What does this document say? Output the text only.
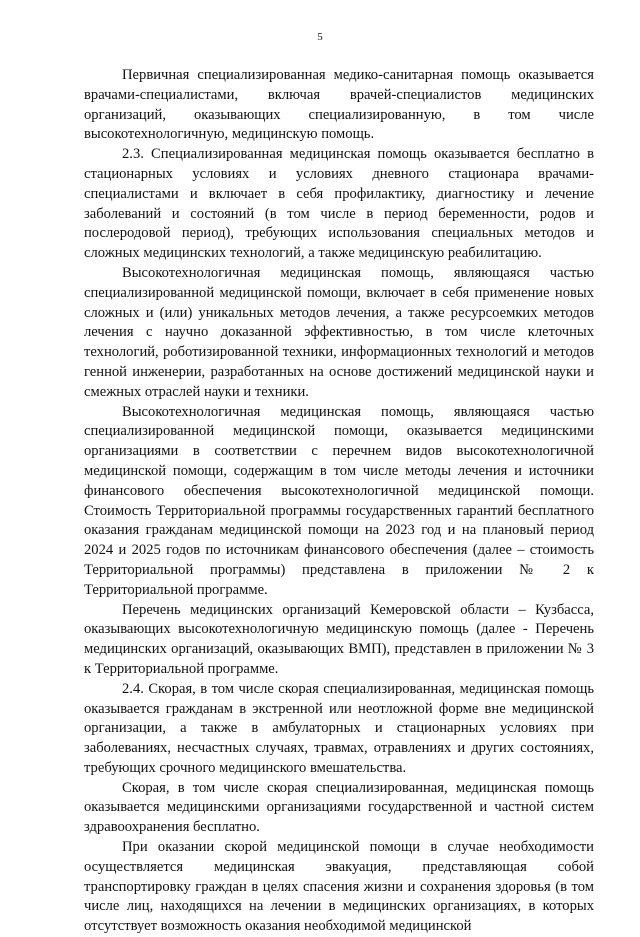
5

Первичная специализированная медико-санитарная помощь оказывается врачами-специалистами, включая врачей-специалистов медицинских организаций, оказывающих специализированную, в том числе высокотехнологичную, медицинскую помощь.

2.3. Специализированная медицинская помощь оказывается бесплатно в стационарных условиях и условиях дневного стационара врачами-специалистами и включает в себя профилактику, диагностику и лечение заболеваний и состояний (в том числе в период беременности, родов и послеродовой период), требующих использования специальных методов и сложных медицинских технологий, а также медицинскую реабилитацию.

Высокотехнологичная медицинская помощь, являющаяся частью специализированной медицинской помощи, включает в себя применение новых сложных и (или) уникальных методов лечения, а также ресурсоемких методов лечения с научно доказанной эффективностью, в том числе клеточных технологий, роботизированной техники, информационных технологий и методов генной инженерии, разработанных на основе достижений медицинской науки и смежных отраслей науки и техники.

Высокотехнологичная медицинская помощь, являющаяся частью специализированной медицинской помощи, оказывается медицинскими организациями в соответствии с перечнем видов высокотехнологичной медицинской помощи, содержащим в том числе методы лечения и источники финансового обеспечения высокотехнологичной медицинской помощи. Стоимость Территориальной программы государственных гарантий бесплатного оказания гражданам медицинской помощи на 2023 год и на плановый период 2024 и 2025 годов по источникам финансового обеспечения (далее – стоимость Территориальной программы) представлена в приложении № 2 к Территориальной программе.

Перечень медицинских организаций Кемеровской области – Кузбасса, оказывающих высокотехнологичную медицинскую помощь (далее - Перечень медицинских организаций, оказывающих ВМП), представлен в приложении № 3 к Территориальной программе.

2.4. Скорая, в том числе скорая специализированная, медицинская помощь оказывается гражданам в экстренной или неотложной форме вне медицинской организации, а также в амбулаторных и стационарных условиях при заболеваниях, несчастных случаях, травмах, отравлениях и других состояниях, требующих срочного медицинского вмешательства.

Скорая, в том числе скорая специализированная, медицинская помощь оказывается медицинскими организациями государственной и частной систем здравоохранения бесплатно.

При оказании скорой медицинской помощи в случае необходимости осуществляется медицинская эвакуация, представляющая собой транспортировку граждан в целях спасения жизни и сохранения здоровья (в том числе лиц, находящихся на лечении в медицинских организациях, в которых отсутствует возможность оказания необходимой медицинской
